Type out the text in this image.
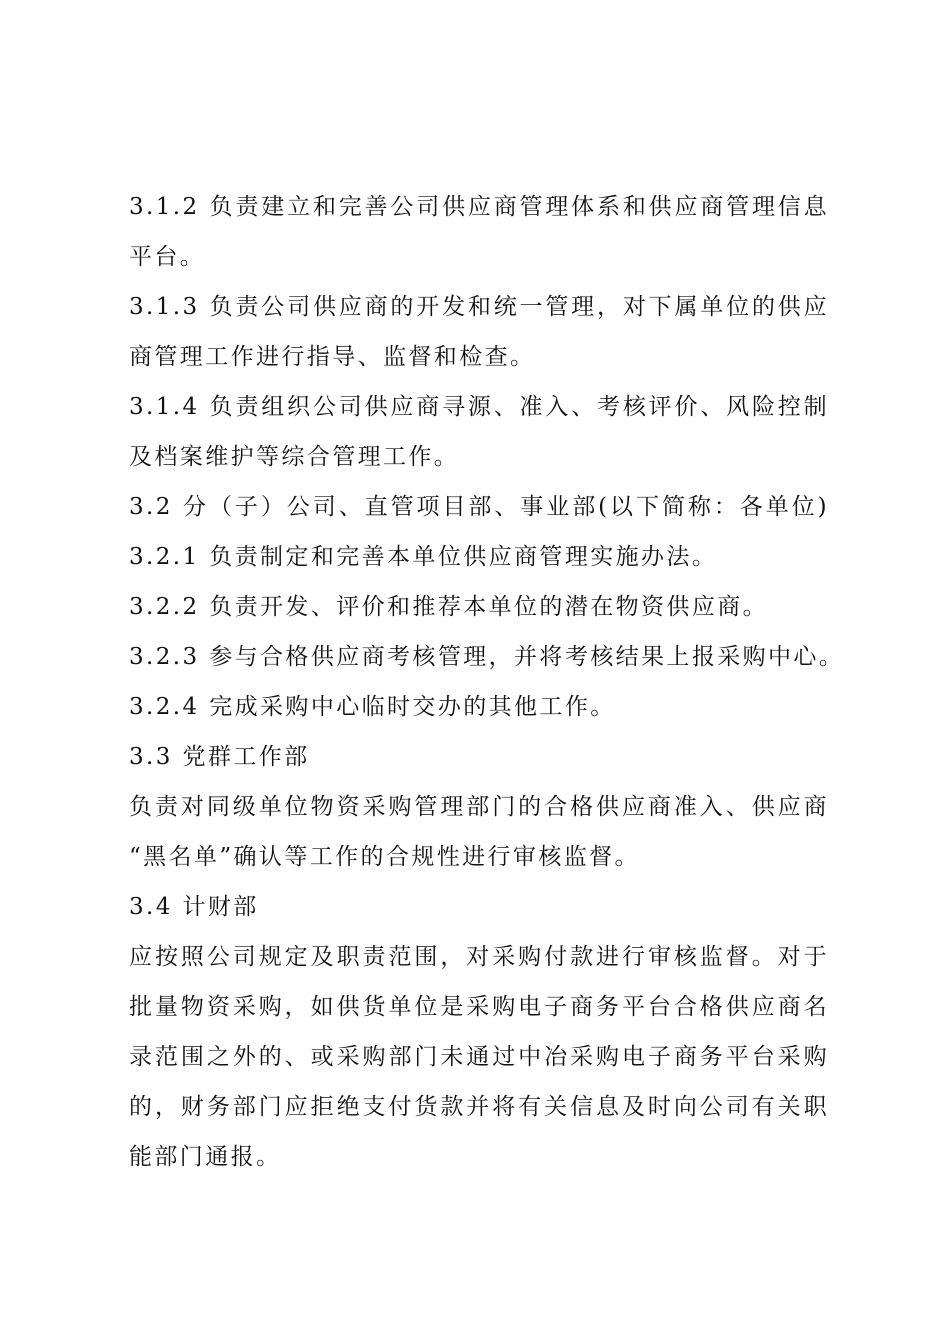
3.1.2 负责建立和完善公司供应商管理体系和供应商管理信息
平台。
3.1.3 负责公司供应商的开发和统一管理，对下属单位的供应
商管理工作进行指导、监督和检查。
3.1.4 负责组织公司供应商寻源、准入、考核评价、风险控制
及档案维护等综合管理工作。
3.2 分（子）公司、直管项目部、事业部(以下简称：各单位)
3.2.1 负责制定和完善本单位供应商管理实施办法。
3.2.2 负责开发、评价和推荐本单位的潜在物资供应商。
3.2.3 参与合格供应商考核管理，并将考核结果上报采购中心。
3.2.4 完成采购中心临时交办的其他工作。
3.3 党群工作部
负责对同级单位物资采购管理部门的合格供应商准入、供应商
“黑名单”确认等工作的合规性进行审核监督。
3.4 计财部
应按照公司规定及职责范围，对采购付款进行审核监督。对于
批量物资采购，如供货单位是采购电子商务平台合格供应商名
录范围之外的、或采购部门未通过中冶采购电子商务平台采购
的，财务部门应拒绝支付货款并将有关信息及时向公司有关职
能部门通报。
